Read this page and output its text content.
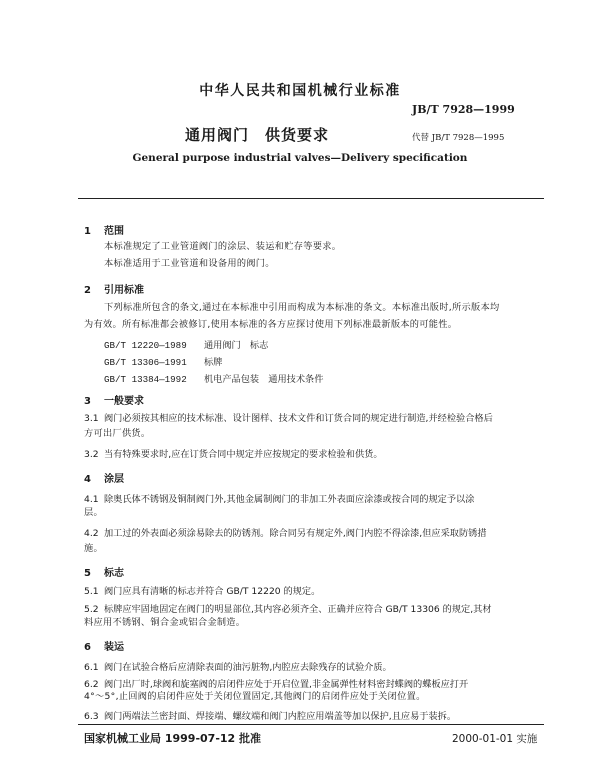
中华人民共和国机械行业标准
JB/T 7928—1999
通用阀门　供货要求	代替 JB/T 7928—1995
General purpose industrial valves—Delivery specification
1 范围
本标准规定了工业管道阀门的涂层、装运和贮存等要求。
本标准适用于工业管道和设备用的阀门。
2 引用标准
下列标准所包含的条文,通过在本标准中引用而构成为本标准的条文。本标准出版时,所示版本均
为有效。所有标准都会被修订,使用本标准的各方应探讨使用下列标准最新版本的可能性。
GB/T 12220—1989 通用阀门　标志
GB/T 13306—1991 标牌
GB/T 13384—1992 机电产品包装　通用技术条件
3 一般要求
3.1 阀门必须按其相应的技术标准、设计图样、技术文件和订货合同的规定进行制造,并经检验合格后
方可出厂供货。
3.2 当有特殊要求时,应在订货合同中规定并应按规定的要求检验和供货。
4 涂层
4.1 除奥氏体不锈钢及铜制阀门外,其他金属制阀门的非加工外表面应涂漆或按合同的规定予以涂
层。
4.2 加工过的外表面必须涂易除去的防锈剂。除合同另有规定外,阀门内腔不得涂漆,但应采取防锈措
施。
5 标志
5.1 阀门应具有清晰的标志并符合 GB/T 12220 的规定。
5.2 标牌应牢固地固定在阀门的明显部位,其内容必须齐全、正确并应符合 GB/T 13306 的规定,其材
料应用不锈钢、铜合金或铝合金制造。
6 装运
6.1 阀门在试验合格后应清除表面的油污脏物,内腔应去除残存的试验介质。
6.2 阀门出厂时,球阀和旋塞阀的启闭件应处于开启位置,非金属弹性材料密封蝶阀的蝶板应打开
4°～5°,止回阀的启闭件应处于关闭位置固定,其他阀门的启闭件应处于关闭位置。
6.3 阀门两端法兰密封面、焊接端、螺纹端和阀门内腔应用端盖等加以保护,且应易于装拆。
国家机械工业局 1999-07-12 批准	2000-01-01 实施
